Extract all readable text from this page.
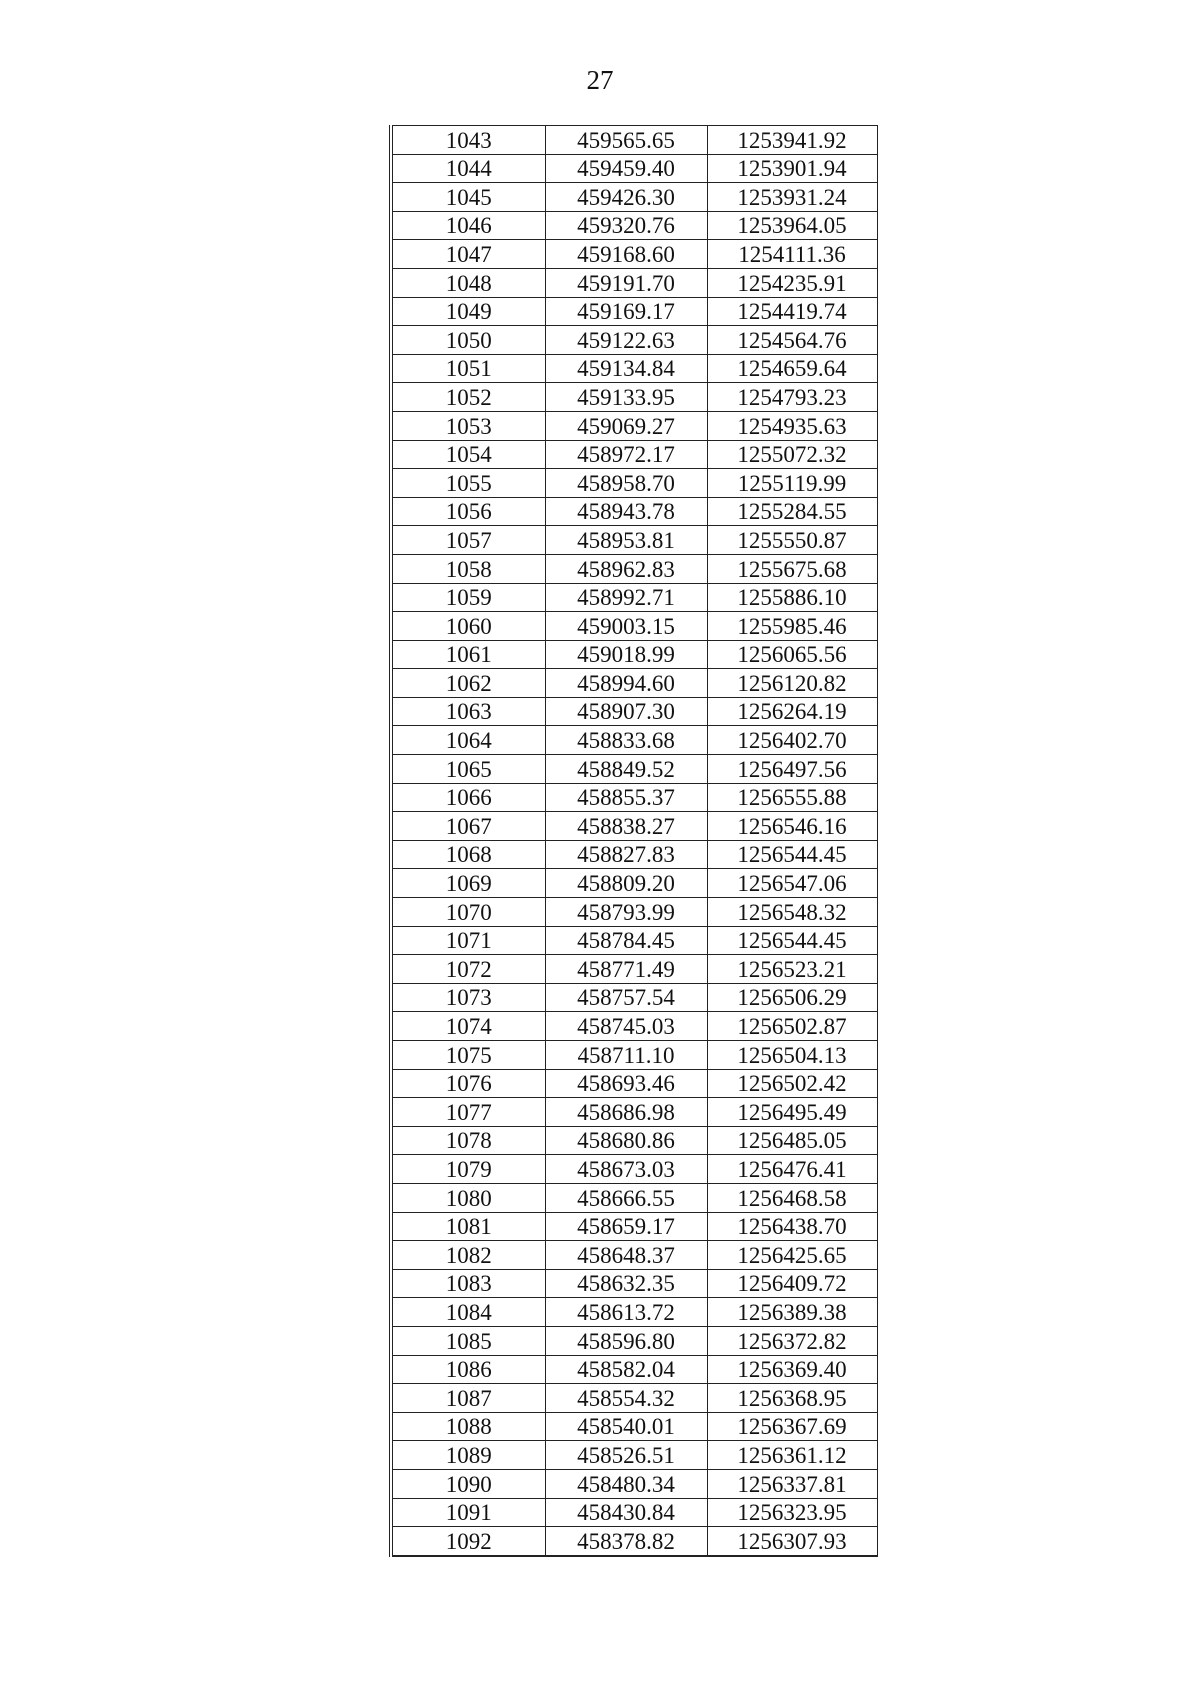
27
1043	459565.65	1253941.92
1044	459459.40	1253901.94
1045	459426.30	1253931.24
1046	459320.76	1253964.05
1047	459168.60	1254111.36
1048	459191.70	1254235.91
1049	459169.17	1254419.74
1050	459122.63	1254564.76
1051	459134.84	1254659.64
1052	459133.95	1254793.23
1053	459069.27	1254935.63
1054	458972.17	1255072.32
1055	458958.70	1255119.99
1056	458943.78	1255284.55
1057	458953.81	1255550.87
1058	458962.83	1255675.68
1059	458992.71	1255886.10
1060	459003.15	1255985.46
1061	459018.99	1256065.56
1062	458994.60	1256120.82
1063	458907.30	1256264.19
1064	458833.68	1256402.70
1065	458849.52	1256497.56
1066	458855.37	1256555.88
1067	458838.27	1256546.16
1068	458827.83	1256544.45
1069	458809.20	1256547.06
1070	458793.99	1256548.32
1071	458784.45	1256544.45
1072	458771.49	1256523.21
1073	458757.54	1256506.29
1074	458745.03	1256502.87
1075	458711.10	1256504.13
1076	458693.46	1256502.42
1077	458686.98	1256495.49
1078	458680.86	1256485.05
1079	458673.03	1256476.41
1080	458666.55	1256468.58
1081	458659.17	1256438.70
1082	458648.37	1256425.65
1083	458632.35	1256409.72
1084	458613.72	1256389.38
1085	458596.80	1256372.82
1086	458582.04	1256369.40
1087	458554.32	1256368.95
1088	458540.01	1256367.69
1089	458526.51	1256361.12
1090	458480.34	1256337.81
1091	458430.84	1256323.95
1092	458378.82	1256307.93
